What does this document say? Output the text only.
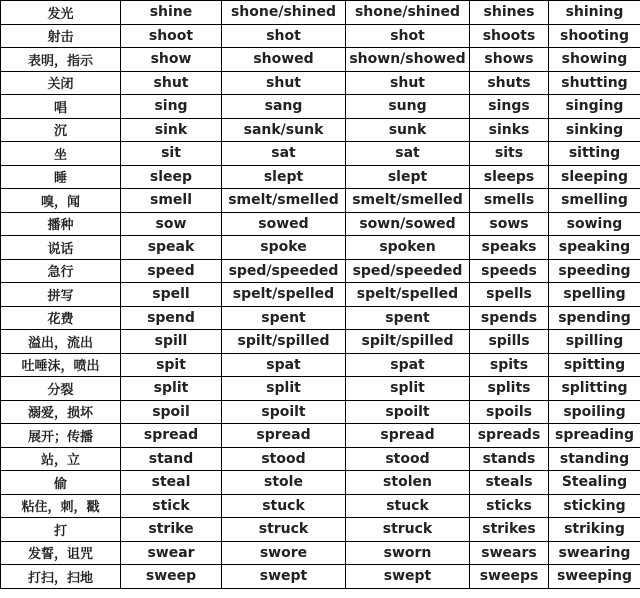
发光	shine	shone/shined	shone/shined	shines	shining
射击	shoot	shot	shot	shoots	shooting
表明，指示	show	showed	shown/showed	shows	showing
关闭	shut	shut	shut	shuts	shutting
唱	sing	sang	sung	sings	singing
沉	sink	sank/sunk	sunk	sinks	sinking
坐	sit	sat	sat	sits	sitting
睡	sleep	slept	slept	sleeps	sleeping
嗅，闻	smell	smelt/smelled	smelt/smelled	smells	smelling
播种	sow	sowed	sown/sowed	sows	sowing
说话	speak	spoke	spoken	speaks	speaking
急行	speed	sped/speeded	sped/speeded	speeds	speeding
拼写	spell	spelt/spelled	spelt/spelled	spells	spelling
花费	spend	spent	spent	spends	spending
溢出，流出	spill	spilt/spilled	spilt/spilled	spills	spilling
吐唾沫，喷出	spit	spat	spat	spits	spitting
分裂	split	split	split	splits	splitting
溺爱，损坏	spoil	spoilt	spoilt	spoils	spoiling
展开；传播	spread	spread	spread	spreads	spreading
站，立	stand	stood	stood	stands	standing
偷	steal	stole	stolen	steals	Stealing
粘住，刺，戳	stick	stuck	stuck	sticks	sticking
打	strike	struck	struck	strikes	striking
发誓，诅咒	swear	swore	sworn	swears	swearing
打扫，扫地	sweep	swept	swept	sweeps	sweeping
